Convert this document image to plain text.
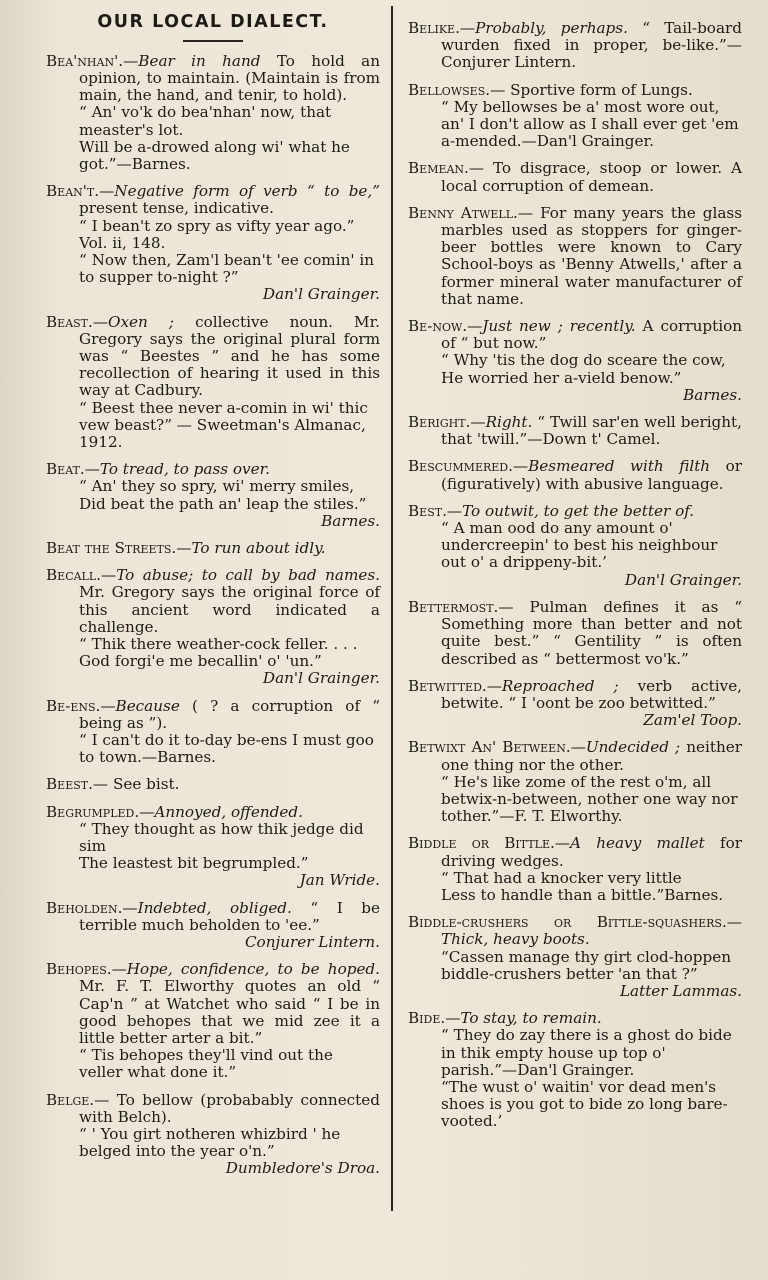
OUR LOCAL DIALECT.

Bea'nhan'.—Bear in hand To hold an opinion, to maintain. (Maintain is from main, the hand, and tenir, to hold).

“ An' vo'k do bea'nhan' now, that measter's lot.

Will be a-drowed along wi' what he got.”—Barnes.

Bean't.—Negative form of verb “ to be,” present tense, indicative.

“ I bean't zo spry as vifty year ago.” Vol. ii, 148.

“ Now then, Zam'l bean't 'ee comin' in to supper to-night ?”

Dan'l Grainger.

Beast.—Oxen ; collective noun. Mr. Gregory says the original plural form was “ Beestes ” and he has some recollection of hearing it used in this way at Cadbury.

“ Beest thee never a-comin in wi' thic vew beast?” — Sweetman's Almanac, 1912.

Beat.—To tread, to pass over.

“ An' they so spry, wi' merry smiles,

Did beat the path an' leap the stiles.”

Barnes.

Beat the Streets.—To run about idly.

Becall.—To abuse; to call by bad names. Mr. Gregory says the original force of this ancient word indicated a challenge.

“ Thik there weather-cock feller. . . .

God forgi'e me becallin' o' 'un.”

Dan'l Grainger.

Be-ens.—Because ( ? a corruption of “ being as ”).

“ I can't do it to-day be-ens I must goo to town.—Barnes.

Beest.— See bist.

Begrumpled.—Annoyed, offended.

“ They thought as how thik jedge did sim

The leastest bit begrumpled.”

Jan Wride.

Beholden.—Indebted, obliged. “ I be terrible much beholden to 'ee.”

Conjurer Lintern.

Behopes.—Hope, confidence, to be hoped. Mr. F. T. Elworthy quotes an old “ Cap'n ” at Watchet who said “ I be in good behopes that we mid zee it a little better arter a bit.”

“ Tis behopes they'll vind out the veller what done it.”

Belge.— To bellow (probabably connected with Belch).

“ ' You girt notheren whizbird ' he belged into the year o'n.”

Dumbledore's Droa.

Belike.—Probably, perhaps. “ Tail-board wurden fixed in proper, be-like.”—Conjurer Lintern.

Bellowses.— Sportive form of Lungs.

“ My bellowses be a' most wore out, an' I don't allow as I shall ever get 'em a-mended.—Dan'l Grainger.

Bemean.— To disgrace, stoop or lower. A local corruption of demean.

Benny Atwell.— For many years the glass marbles used as stoppers for ginger-beer bottles were known to Cary School-boys as 'Benny Atwells,' after a former mineral water manufacturer of that name.

Be-now.—Just new ; recently. A corruption of “ but now.”

“ Why 'tis the dog do sceare the cow,

He worried her a-vield benow.”

Barnes.

Beright.—Right. “ Twill sar'en well beright, that 'twill.”—Down t' Camel.

Bescummered.—Besmeared with filth or (figuratively) with abusive language.

Best.—To outwit, to get the better of.

“ A man ood do any amount o' undercreepin' to best his neighbour out o' a drippeny-bit.’

Dan'l Grainger.

Bettermost.— Pulman defines it as “ Something more than better and not quite best.” “ Gentility ” is often described as “ bettermost vo'k.”

Betwitted.—Reproached ; verb active, betwite. “ I 'oont be zoo betwitted.”

Zam'el Toop.

Betwixt An' Between.—Undecided ; neither one thing nor the other.

“ He's like zome of the rest o'm, all betwix-n-between, nother one way nor tother.”—F. T. Elworthy.

Biddle or Bittle.—A heavy mallet for driving wedges.

“ That had a knocker very little

Less to handle than a bittle.”Barnes.

Biddle-crushers or Bittle-squashers.—Thick, heavy boots.

“Cassen manage thy girt clod-hoppen biddle-crushers better 'an that ?”

Latter Lammas.

Bide.—To stay, to remain.

“ They do zay there is a ghost do bide in thik empty house up top o' parish.”—Dan'l Grainger.

“The wust o' waitin' vor dead men's shoes is you got to bide zo long bare-vooted.’
